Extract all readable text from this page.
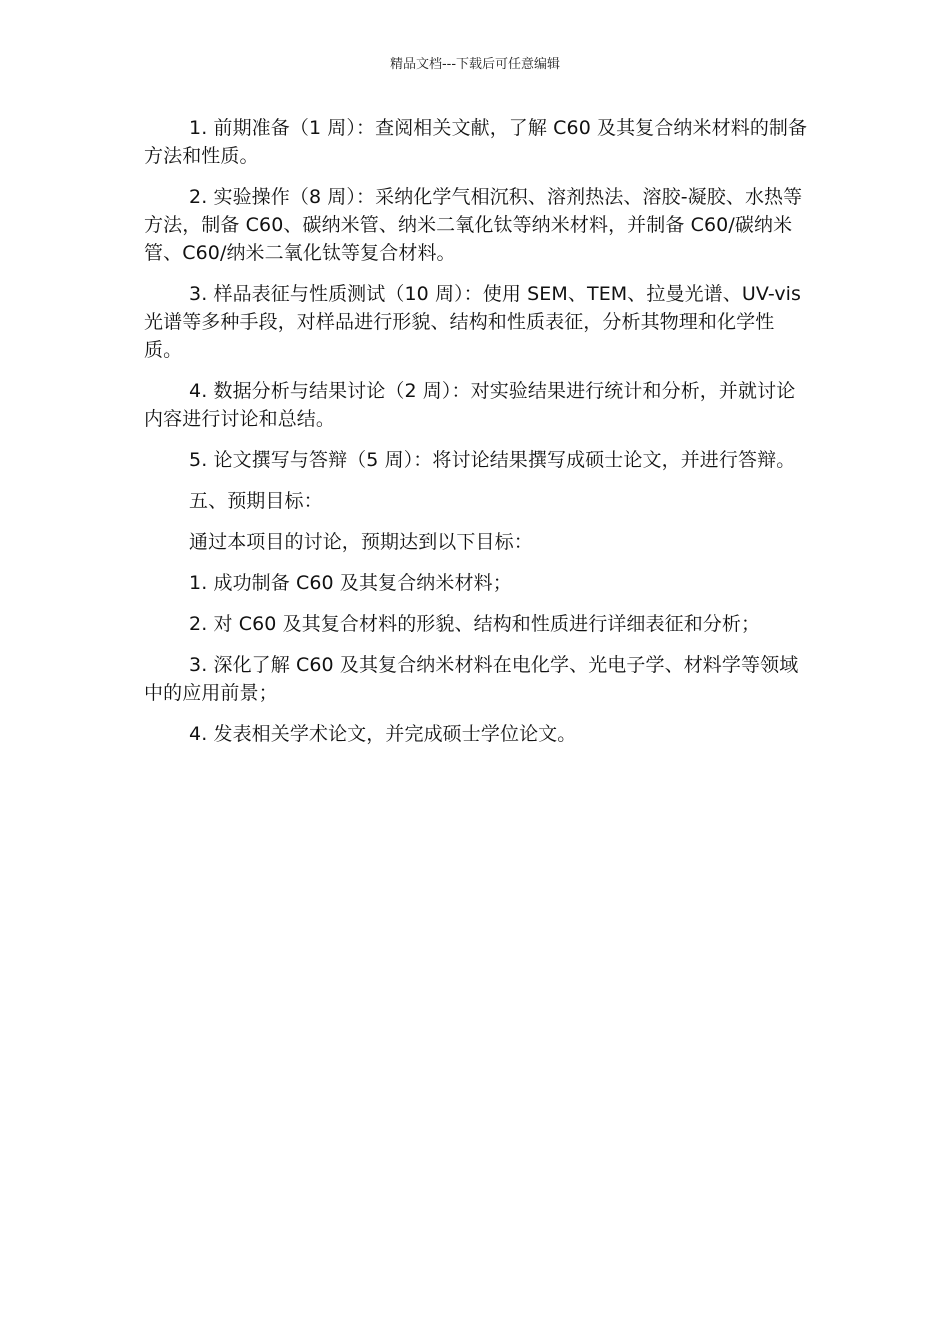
精品文档---下载后可任意编辑

1. 前期准备（1 周）：查阅相关文献，了解 C60 及其复合纳米材料的制备方法和性质。

2. 实验操作（8 周）：采纳化学气相沉积、溶剂热法、溶胶-凝胶、水热等方法，制备 C60、碳纳米管、纳米二氧化钛等纳米材料，并制备 C60/碳纳米管、C60/纳米二氧化钛等复合材料。

3. 样品表征与性质测试（10 周）：使用 SEM、TEM、拉曼光谱、UV-vis 光谱等多种手段，对样品进行形貌、结构和性质表征，分析其物理和化学性质。

4. 数据分析与结果讨论（2 周）：对实验结果进行统计和分析，并就讨论内容进行讨论和总结。

5. 论文撰写与答辩（5 周）：将讨论结果撰写成硕士论文，并进行答辩。

五、预期目标：

通过本项目的讨论，预期达到以下目标：

1. 成功制备 C60 及其复合纳米材料；

2. 对 C60 及其复合材料的形貌、结构和性质进行详细表征和分析；

3. 深化了解 C60 及其复合纳米材料在电化学、光电子学、材料学等领域中的应用前景；

4. 发表相关学术论文，并完成硕士学位论文。
